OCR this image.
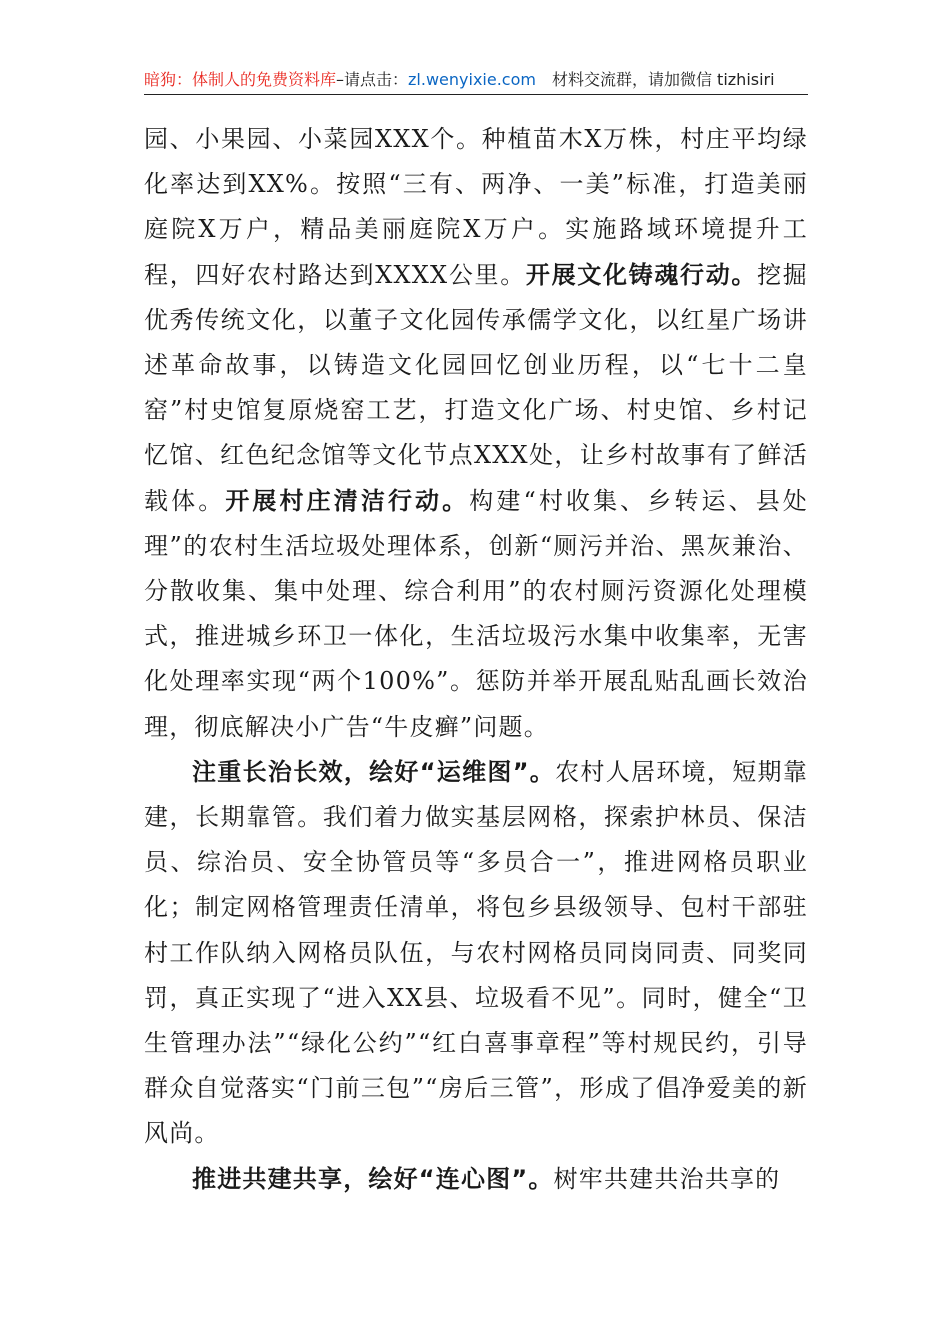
暗狗：体制人的免费资料库–请点击：zl.wenyixie.com 材料交流群，请加微信 tizhisiri

园、小果园、小菜园XXX个。种植苗木X万株，村庄平均绿化率达到XX%。按照“三有、两净、一美”标准，打造美丽庭院X万户，精品美丽庭院X万户。实施路域环境提升工程，四好农村路达到XXXX公里。开展文化铸魂行动。挖掘优秀传统文化，以董子文化园传承儒学文化，以红星广场讲述革命故事，以铸造文化园回忆创业历程，以“七十二皇窑”村史馆复原烧窑工艺，打造文化广场、村史馆、乡村记忆馆、红色纪念馆等文化节点XXX处，让乡村故事有了鲜活载体。开展村庄清洁行动。构建“村收集、乡转运、县处理”的农村生活垃圾处理体系，创新“厕污并治、黑灰兼治、分散收集、集中处理、综合利用”的农村厕污资源化处理模式，推进城乡环卫一体化，生活垃圾污水集中收集率，无害化处理率实现“两个100%”。惩防并举开展乱贴乱画长效治理，彻底解决小广告“牛皮癣”问题。

注重长治长效，绘好“运维图”。农村人居环境，短期靠建，长期靠管。我们着力做实基层网格，探索护林员、保洁员、综治员、安全协管员等“多员合一”，推进网格员职业化；制定网格管理责任清单，将包乡县级领导、包村干部驻村工作队纳入网格员队伍，与农村网格员同岗同责、同奖同罚，真正实现了“进入XX县、垃圾看不见”。同时，健全“卫生管理办法”“绿化公约”“红白喜事章程”等村规民约，引导群众自觉落实“门前三包”“房后三管”，形成了倡净爱美的新风尚。

推进共建共享，绘好“连心图”。树牢共建共治共享的
